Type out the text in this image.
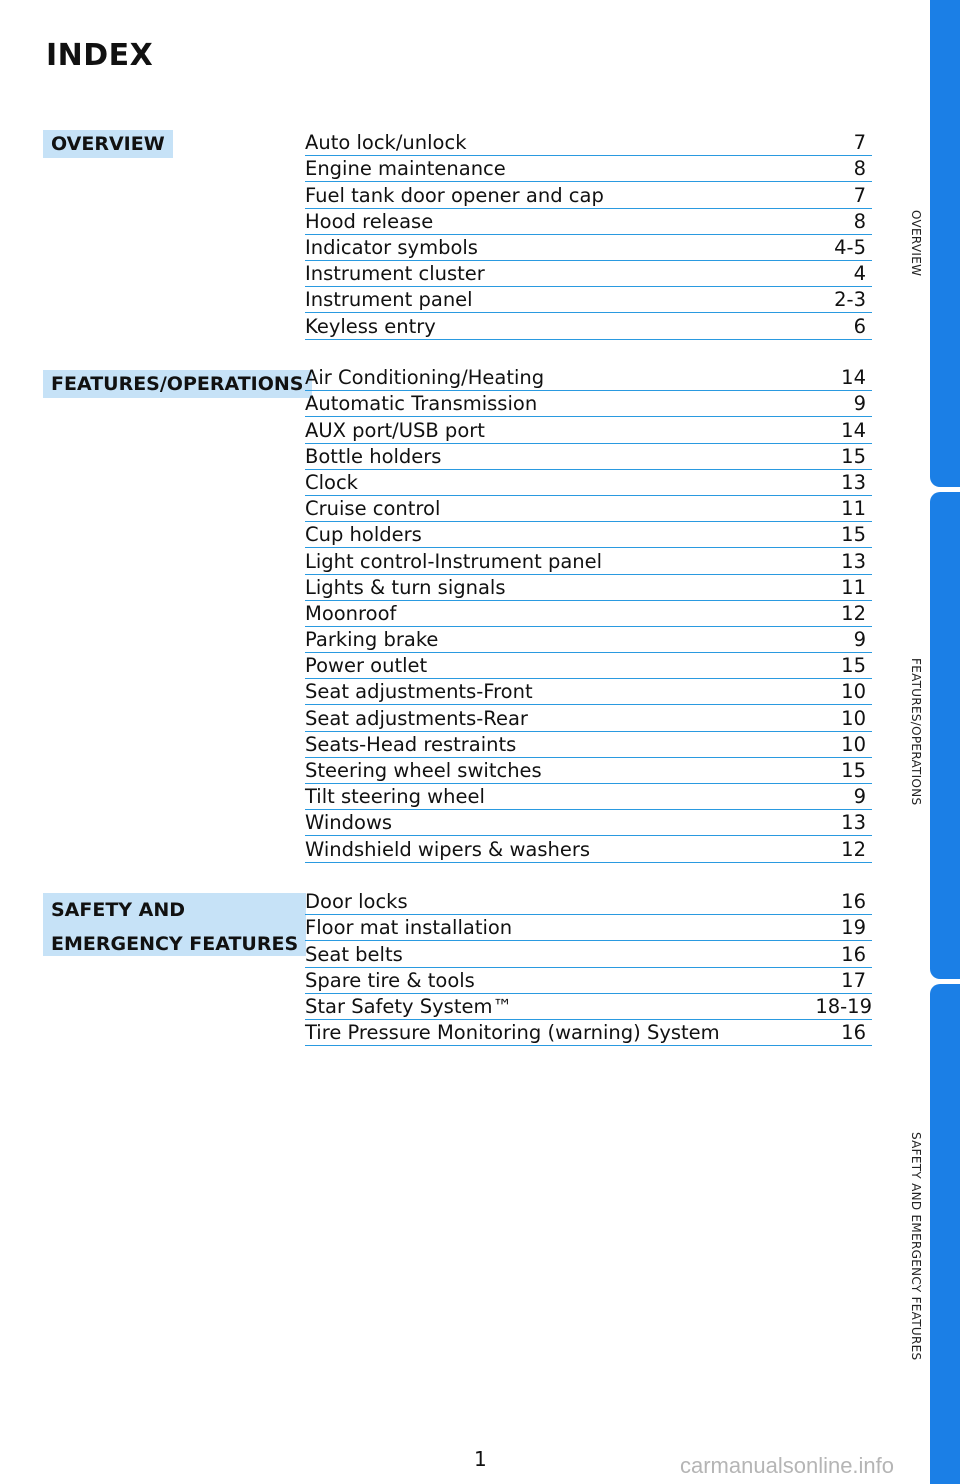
INDEX
OVERVIEW
FEATURES/OPERATIONS
SAFETY AND
EMERGENCY FEATURES
Auto lock/unlock	7
Engine maintenance	8
Fuel tank door opener and cap	7
Hood release	8
Indicator symbols	4-5
Instrument cluster	4
Instrument panel	2-3
Keyless entry	6
Air Conditioning/Heating	14
Automatic Transmission	9
AUX port/USB port	14
Bottle holders	15
Clock	13
Cruise control	11
Cup holders	15
Light control-Instrument panel	13
Lights & turn signals	11
Moonroof	12
Parking brake	9
Power outlet	15
Seat adjustments-Front	10
Seat adjustments-Rear	10
Seats-Head restraints	10
Steering wheel switches	15
Tilt steering wheel	9
Windows	13
Windshield wipers & washers	12
Door locks	16
Floor mat installation	19
Seat belts	16
Spare tire & tools	17
Star Safety System™	18-19
Tire Pressure Monitoring (warning) System	16
OVERVIEW
FEATURES/OPERATIONS
SAFETY AND EMERGENCY FEATURES
1	carmanualsonline.info
